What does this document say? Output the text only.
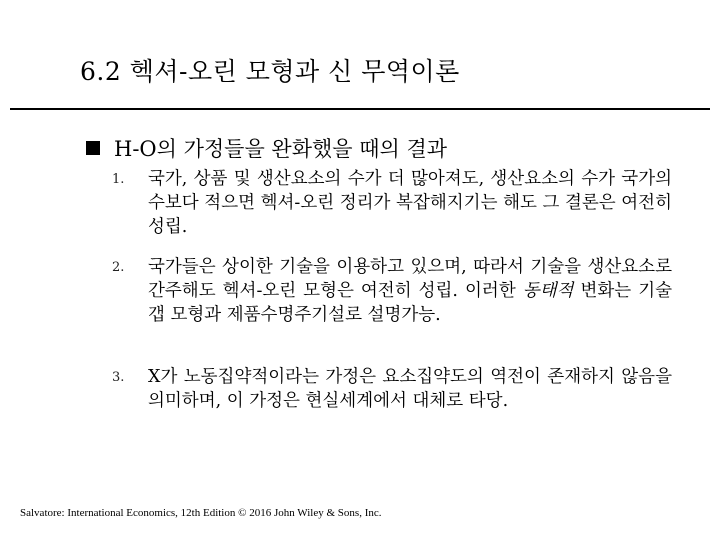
6.2 헥셔-오린 모형과 신 무역이론
H-O의 가정들을 완화했을 때의 결과
1.	국가, 상품 및 생산요소의 수가 더 많아져도, 생산요소의 수가 국가의 수보다 적으면 헥셔-오린 정리가 복잡해지기는 해도 그 결론은 여전히 성립.
2.	국가들은 상이한 기술을 이용하고 있으며, 따라서 기술을 생산요소로 간주해도 헥셔-오린 모형은 여전히 성립. 이러한 동태적 변화는 기술 갭 모형과 제품수명주기설로 설명가능.
3.	X가 노동집약적이라는 가정은 요소집약도의 역전이 존재하지 않음을 의미하며, 이 가정은 현실세계에서 대체로 타당.
Salvatore: International Economics, 12th Edition © 2016 John Wiley & Sons, Inc.
